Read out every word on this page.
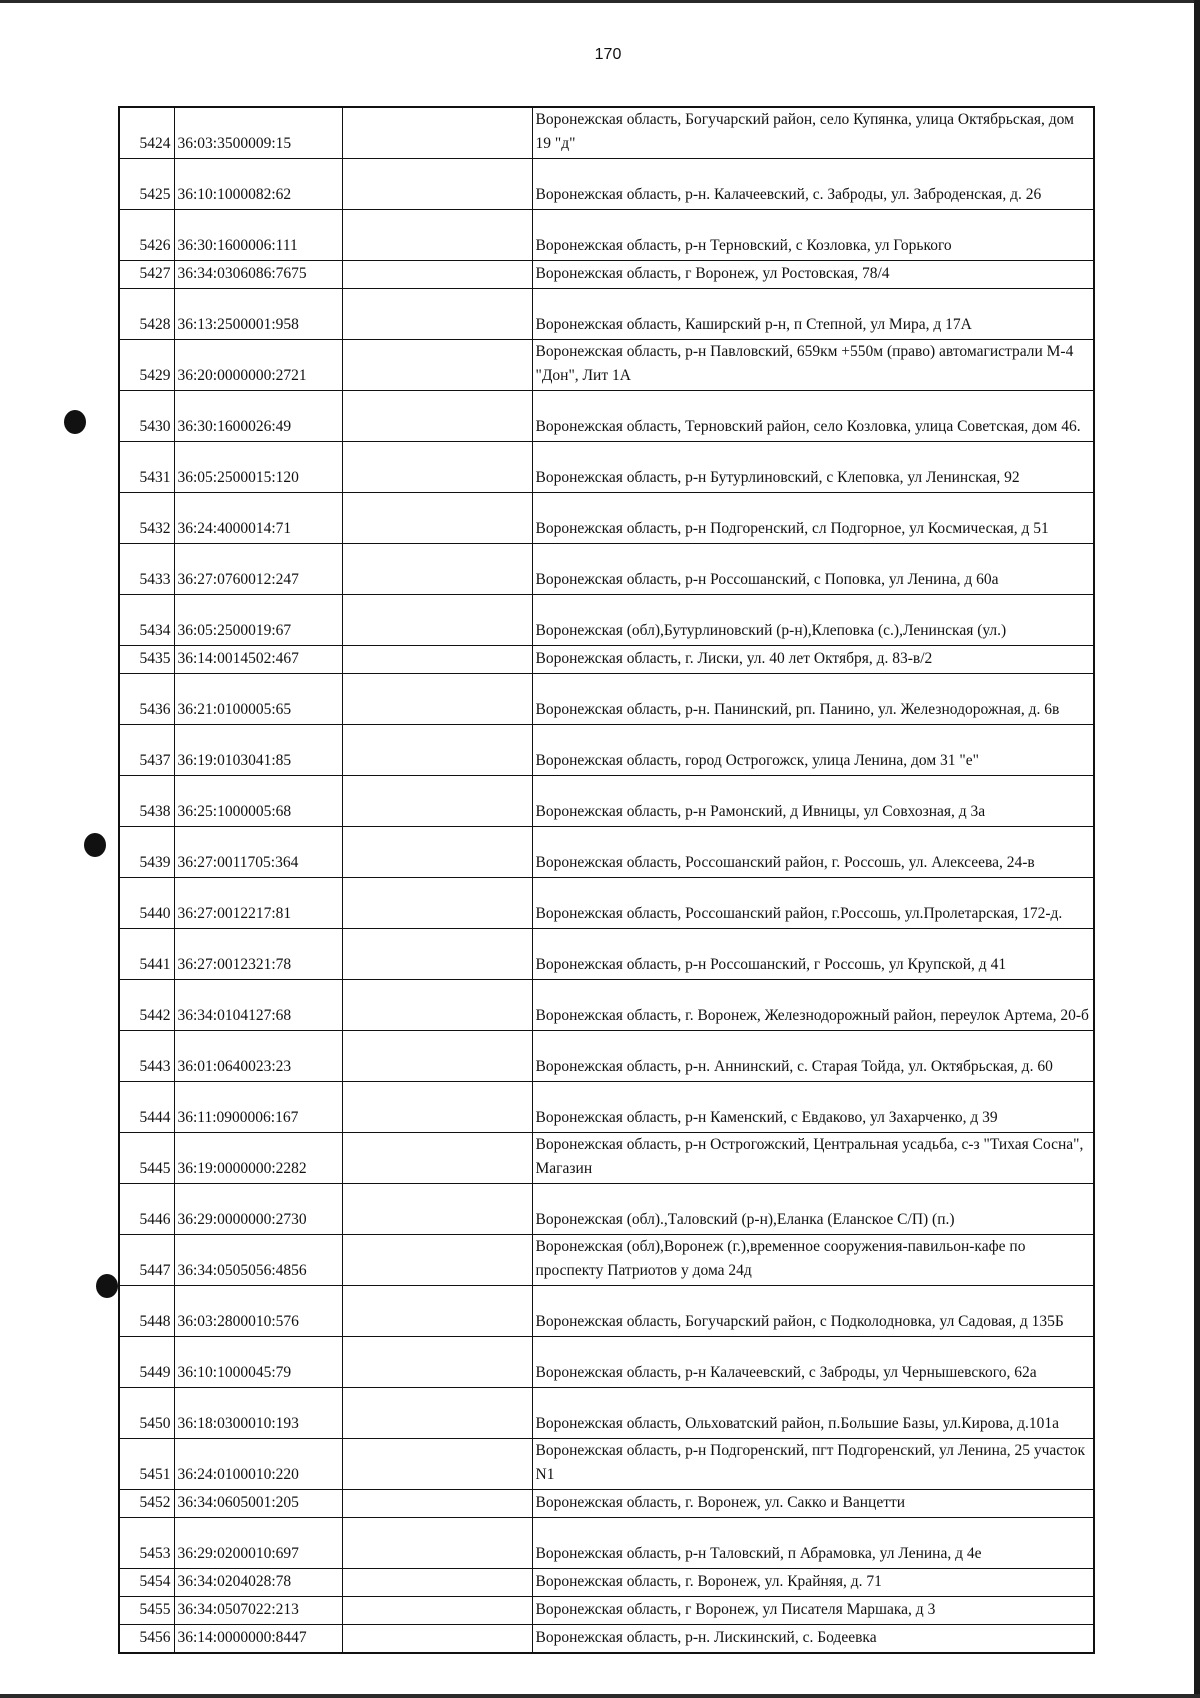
170
5424	36:03:3500009:15		Воронежская область, Богучарский район, село Купянка, улица Октябрьская, дом 19 "д"
5425	36:10:1000082:62		Воронежская область, р-н. Калачеевский, с. Заброды, ул. Заброденская, д. 26
5426	36:30:1600006:111		Воронежская область, р-н Терновский, с Козловка, ул Горького
5427	36:34:0306086:7675		Воронежская область, г Воронеж, ул Ростовская, 78/4
5428	36:13:2500001:958		Воронежская область, Каширский р-н, п Степной, ул Мира, д 17А
5429	36:20:0000000:2721		Воронежская область, р-н Павловский, 659км +550м (право) автомагистрали М-4 "Дон", Лит 1А
5430	36:30:1600026:49		Воронежская область, Терновский район, село Козловка, улица Советская, дом 46.
5431	36:05:2500015:120		Воронежская область, р-н Бутурлиновский, с Клеповка, ул Ленинская, 92
5432	36:24:4000014:71		Воронежская область, р-н Подгоренский, сл Подгорное, ул Космическая, д 51
5433	36:27:0760012:247		Воронежская область, р-н Россошанский, с Поповка, ул Ленина, д 60а
5434	36:05:2500019:67		Воронежская (обл),Бутурлиновский (р-н),Клеповка (с.),Ленинская (ул.)
5435	36:14:0014502:467		Воронежская область, г. Лиски, ул. 40 лет Октября, д. 83-в/2
5436	36:21:0100005:65		Воронежская область, р-н. Панинский, рп. Панино, ул. Железнодорожная, д. 6в
5437	36:19:0103041:85		Воронежская область, город Острогожск, улица Ленина, дом 31 "е"
5438	36:25:1000005:68		Воронежская область, р-н Рамонский, д Ивницы, ул Совхозная, д 3а
5439	36:27:0011705:364		Воронежская область, Россошанский район, г. Россошь, ул. Алексеева, 24-в
5440	36:27:0012217:81		Воронежская область, Россошанский район, г.Россошь, ул.Пролетарская, 172-д.
5441	36:27:0012321:78		Воронежская область, р-н Россошанский, г Россошь, ул Крупской, д 41
5442	36:34:0104127:68		Воронежская область, г. Воронеж, Железнодорожный район, переулок Артема, 20-б
5443	36:01:0640023:23		Воронежская область, р-н. Аннинский, с. Старая Тойда, ул. Октябрьская, д. 60
5444	36:11:0900006:167		Воронежская область, р-н Каменский, с Евдаково, ул Захарченко, д 39
5445	36:19:0000000:2282		Воронежская область, р-н Острогожский, Центральная усадьба, с-з "Тихая Сосна", Магазин
5446	36:29:0000000:2730		Воронежская (обл).,Таловский (р-н),Еланка (Еланское С/П) (п.)
5447	36:34:0505056:4856		Воронежская (обл),Воронеж (г.),временное сооружения-павильон-кафе по проспекту Патриотов у дома 24д
5448	36:03:2800010:576		Воронежская область, Богучарский район, с Подколодновка, ул Садовая, д 135Б
5449	36:10:1000045:79		Воронежская область, р-н Калачеевский, с Заброды, ул Чернышевского, 62а
5450	36:18:0300010:193		Воронежская область, Ольховатский район, п.Большие Базы, ул.Кирова, д.101а
5451	36:24:0100010:220		Воронежская область, р-н Подгоренский, пгт Подгоренский, ул Ленина, 25 участок N1
5452	36:34:0605001:205		Воронежская область, г. Воронеж, ул. Сакко и Ванцетти
5453	36:29:0200010:697		Воронежская область, р-н Таловский, п Абрамовка, ул Ленина, д 4е
5454	36:34:0204028:78		Воронежская область, г. Воронеж, ул. Крайняя, д. 71
5455	36:34:0507022:213		Воронежская область, г Воронеж, ул Писателя Маршака, д 3
5456	36:14:0000000:8447		Воронежская область, р-н. Лискинский, с. Бодеевка
